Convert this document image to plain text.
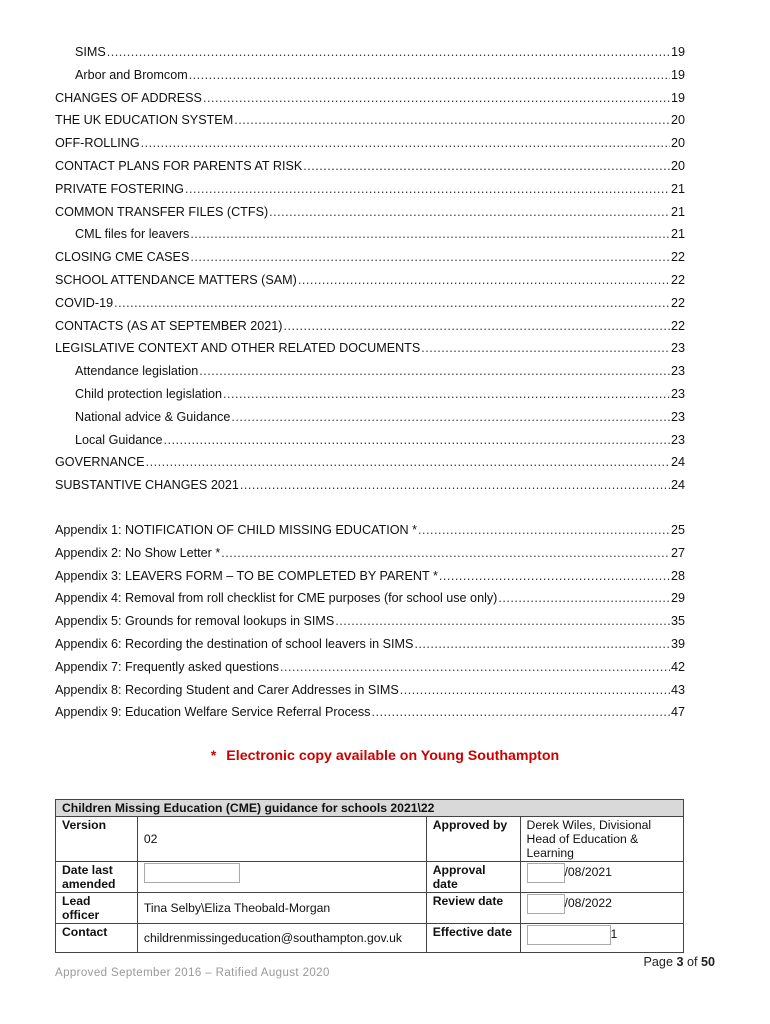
SIMS .....	19
Arbor and Bromcom .....	19
CHANGES OF ADDRESS .....	19
THE UK EDUCATION SYSTEM .....	20
OFF-ROLLING .....	20
CONTACT PLANS FOR PARENTS AT RISK .....	20
PRIVATE FOSTERING .....	21
COMMON TRANSFER FILES (CTFS) .....	21
CML files for leavers .....	21
CLOSING CME CASES .....	22
SCHOOL ATTENDANCE MATTERS (SAM) .....	22
COVID-19 .....	22
CONTACTS (AS AT SEPTEMBER 2021) .....	22
LEGISLATIVE CONTEXT AND OTHER RELATED DOCUMENTS .....	23
Attendance legislation .....	23
Child protection legislation .....	23
National advice & Guidance .....	23
Local Guidance .....	23
GOVERNANCE .....	24
SUBSTANTIVE CHANGES 2021 .....	24
Appendix 1: NOTIFICATION OF CHILD MISSING EDUCATION * .....	25
Appendix 2: No Show Letter * .....	27
Appendix 3: LEAVERS FORM – TO BE COMPLETED BY PARENT * .....	28
Appendix 4: Removal from roll checklist for CME purposes (for school use only) .....	29
Appendix 5: Grounds for removal lookups in SIMS .....	35
Appendix 6: Recording the destination of school leavers in SIMS .....	39
Appendix 7: Frequently asked questions .....	42
Appendix 8: Recording Student and Carer Addresses in SIMS .....	43
Appendix 9: Education Welfare Service Referral Process .....	47
* Electronic copy available on Young Southampton
Children Missing Education (CME) guidance for schools 2021\22			
Version	02	Approved by	Derek Wiles, Divisional Head of Education & Learning
Date last amended		Approval date	/08/2021
Lead officer	Tina Selby\Eliza Theobald-Morgan	Review date	/08/2022
Contact	childrenmissingeducation@southampton.gov.uk	Effective date	1
Page 3 of 50
Approved September 2016 – Ratified August 2020
